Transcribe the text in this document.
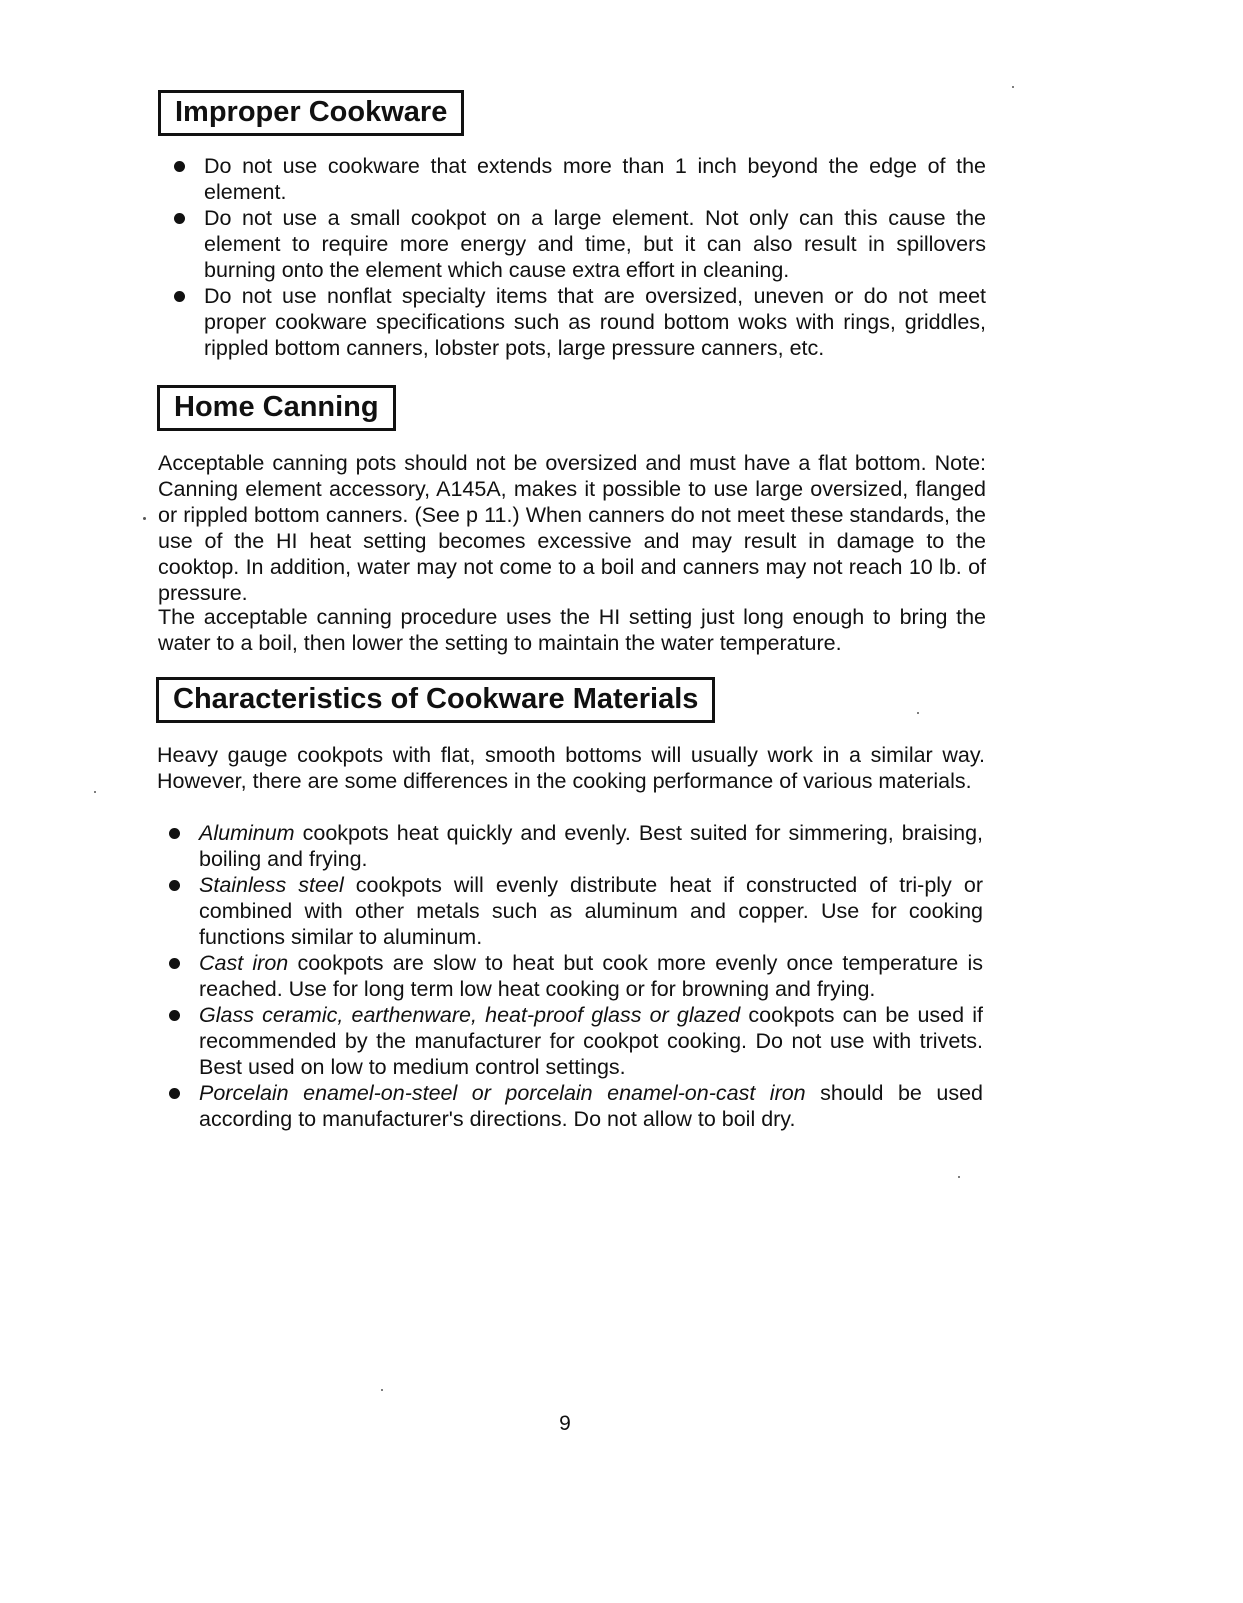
Improper Cookware
Do not use cookware that extends more than 1 inch beyond the edge of the element.
Do not use a small cookpot on a large element. Not only can this cause the element to require more energy and time, but it can also result in spillovers burning onto the element which cause extra effort in cleaning.
Do not use nonflat specialty items that are oversized, uneven or do not meet proper cookware specifications such as round bottom woks with rings, griddles, rippled bottom canners, lobster pots, large pressure canners, etc.
Home Canning

Acceptable canning pots should not be oversized and must have a flat bottom. Note: Canning element accessory, A145A, makes it possible to use large oversized, flanged or rippled bottom canners. (See p 11.) When canners do not meet these standards, the use of the HI heat setting becomes excessive and may result in damage to the cooktop. In addition, water may not come to a boil and canners may not reach 10 lb. of pressure.

The acceptable canning procedure uses the HI setting just long enough to bring the water to a boil, then lower the setting to maintain the water temperature.

Characteristics of Cookware Materials

Heavy gauge cookpots with flat, smooth bottoms will usually work in a similar way. However, there are some differences in the cooking performance of various materials.

Aluminum cookpots heat quickly and evenly. Best suited for simmering, braising, boiling and frying.
Stainless steel cookpots will evenly distribute heat if constructed of tri-ply or combined with other metals such as aluminum and copper. Use for cooking functions similar to aluminum.
Cast iron cookpots are slow to heat but cook more evenly once temperature is reached. Use for long term low heat cooking or for browning and frying.
Glass ceramic, earthenware, heat-proof glass or glazed cookpots can be used if recommended by the manufacturer for cookpot cooking. Do not use with trivets. Best used on low to medium control settings.
Porcelain enamel-on-steel or porcelain enamel-on-cast iron should be used according to manufacturer's directions. Do not allow to boil dry.
9
